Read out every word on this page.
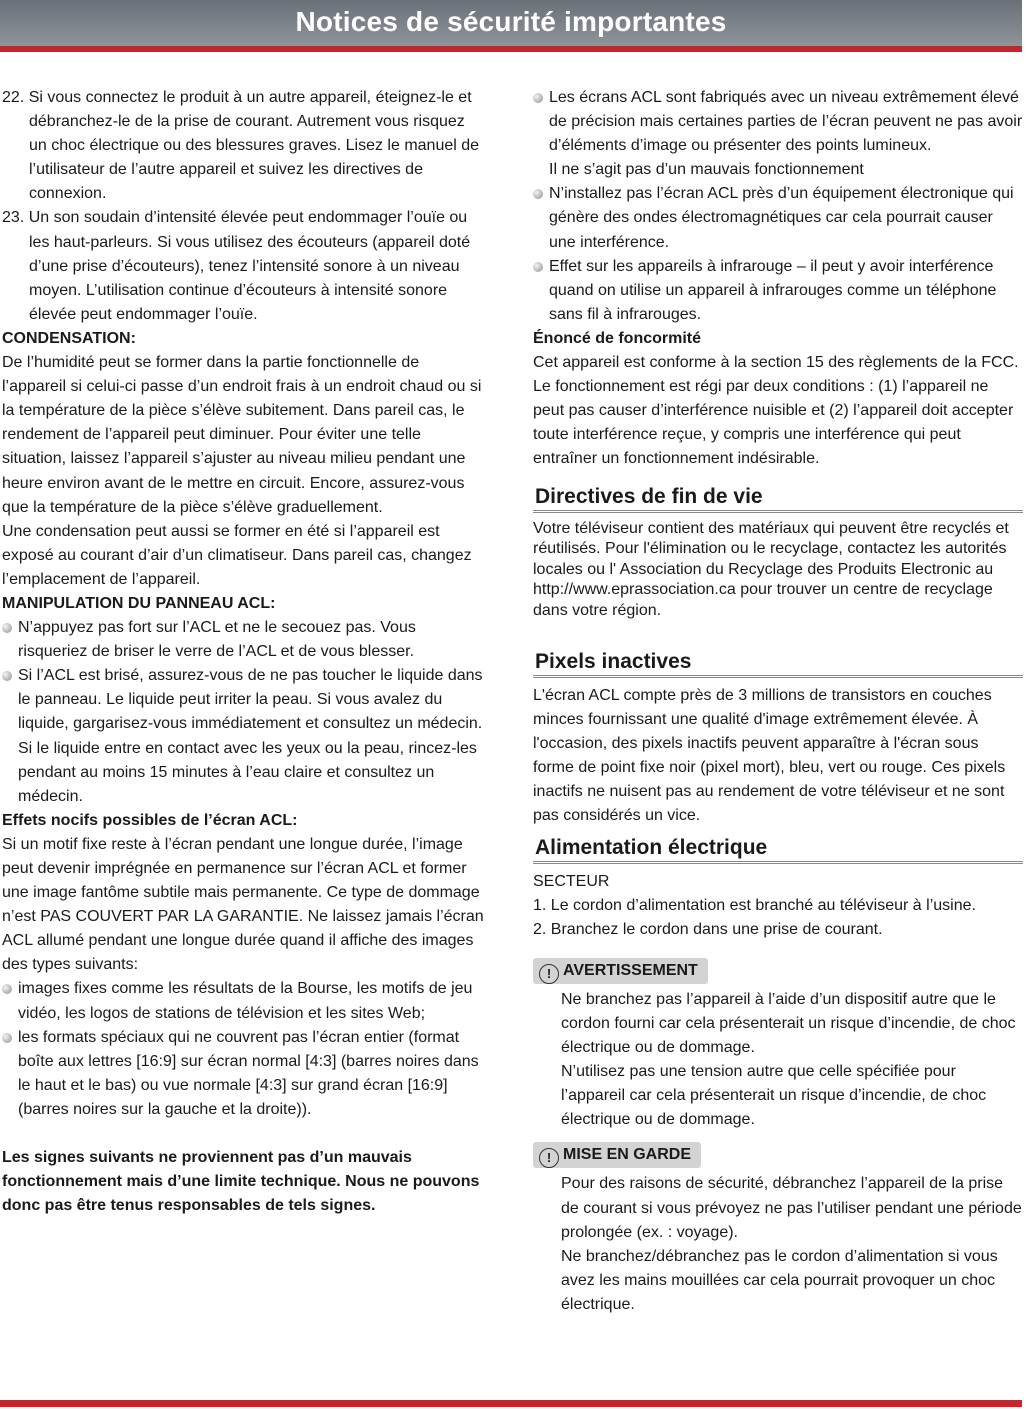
Notices de sécurité importantes

22. Si vous connectez le produit à un autre appareil, éteignez-le et débranchez-le de la prise de courant. Autrement vous risquez un choc électrique ou des blessures graves. Lisez le manuel de l’utilisateur de l’autre appareil et suivez les directives de connexion.

23. Un son soudain d’intensité élevée peut endommager l’ouïe ou les haut-parleurs. Si vous utilisez des écouteurs (appareil doté d’une prise d’écouteurs), tenez l’intensité sonore à un niveau moyen. L’utilisation continue d’écouteurs à intensité sonore élevée peut endommager l’ouïe.

CONDENSATION:

De l’humidité peut se former dans la partie fonctionnelle de l’appareil si celui-ci passe d’un endroit frais à un endroit chaud ou si la température de la pièce s’élève subitement. Dans pareil cas, le rendement de l’appareil peut diminuer. Pour éviter une telle situation, laissez l’appareil s’ajuster au niveau milieu pendant une heure environ avant de le mettre en circuit. Encore, assurez-vous que la température de la pièce s’élève graduellement.

Une condensation peut aussi se former en été si l’appareil est exposé au courant d’air d’un climatiseur. Dans pareil cas, changez l’emplacement de l’appareil.

MANIPULATION DU PANNEAU ACL:

N’appuyez pas fort sur l’ACL et ne le secouez pas. Vous risqueriez de briser le verre de l’ACL et de vous blesser.

Si l’ACL est brisé, assurez-vous de ne pas toucher le liquide dans le panneau. Le liquide peut irriter la peau. Si vous avalez du liquide, gargarisez-vous immédiatement et consultez un médecin. Si le liquide entre en contact avec les yeux ou la peau, rincez-les pendant au moins 15 minutes à l’eau claire et consultez un médecin.

Effets nocifs possibles de l’écran ACL:

Si un motif fixe reste à l’écran pendant une longue durée, l’image peut devenir imprégnée en permanence sur l’écran ACL et former une image fantôme subtile mais permanente. Ce type de dommage n’est PAS COUVERT PAR LA GARANTIE. Ne laissez jamais l’écran ACL allumé pendant une longue durée quand il affiche des images des types suivants:

images fixes comme les résultats de la Bourse, les motifs de jeu vidéo, les logos de stations de télévision et les sites Web;

les formats spéciaux qui ne couvrent pas l’écran entier (format boîte aux lettres [16:9] sur écran normal [4:3] (barres noires dans le haut et le bas) ou vue normale [4:3] sur grand écran [16:9] (barres noires sur la gauche et la droite)).

Les signes suivants ne proviennent pas d’un mauvais fonctionnement mais d’une limite technique. Nous ne pouvons donc pas être tenus responsables de tels signes.

Les écrans ACL sont fabriqués avec un niveau extrêmement élevé de précision mais certaines parties de l’écran peuvent ne pas avoir d’éléments d’image ou présenter des points lumineux.
Il ne s’agit pas d’un mauvais fonctionnement

N’installez pas l’écran ACL près d’un équipement électronique qui génère des ondes électromagnétiques car cela pourrait causer une interférence.

Effet sur les appareils à infrarouge – il peut y avoir interférence quand on utilise un appareil à infrarouges comme un téléphone sans fil à infrarouges.

Énoncé de foncormité

Cet appareil est conforme à la section 15 des règlements de la FCC. Le fonctionnement est régi par deux conditions : (1) l’appareil ne peut pas causer d’interférence nuisible et (2) l’appareil doit accepter toute interférence reçue, y compris une interférence qui peut entraîner un fonctionnement indésirable.

Directives de fin de vie

Votre téléviseur contient des matériaux qui peuvent être recyclés et réutilisés. Pour l'élimination ou le recyclage, contactez les autorités locales ou l' Association du Recyclage des Produits Electronic au http://www.eprassociation.ca pour trouver un centre de recyclage dans votre région.

Pixels inactives

L'écran ACL compte près de 3 millions de transistors en couches minces fournissant une qualité d'image extrêmement élevée. À l'occasion, des pixels inactifs peuvent apparaître à l'écran sous forme de point fixe noir (pixel mort), bleu, vert ou rouge. Ces pixels inactifs ne nuisent pas au rendement de votre téléviseur et ne sont pas considérés un vice.

Alimentation électrique

SECTEUR

1. Le cordon d’alimentation est branché au téléviseur à l’usine.

2. Branchez le cordon dans une prise de courant.

! AVERTISSEMENT

Ne branchez pas l’appareil à l’aide d’un dispositif autre que le cordon fourni car cela présenterait un risque d’incendie, de choc électrique ou de dommage.

N’utilisez pas une tension autre que celle spécifiée pour l’appareil car cela présenterait un risque d’incendie, de choc électrique ou de dommage.

! MISE EN GARDE

Pour des raisons de sécurité, débranchez l’appareil de la prise de courant si vous prévoyez ne pas l’utiliser pendant une période prolongée (ex. : voyage).

Ne branchez/débranchez pas le cordon d’alimentation si vous avez les mains mouillées car cela pourrait provoquer un choc électrique.
